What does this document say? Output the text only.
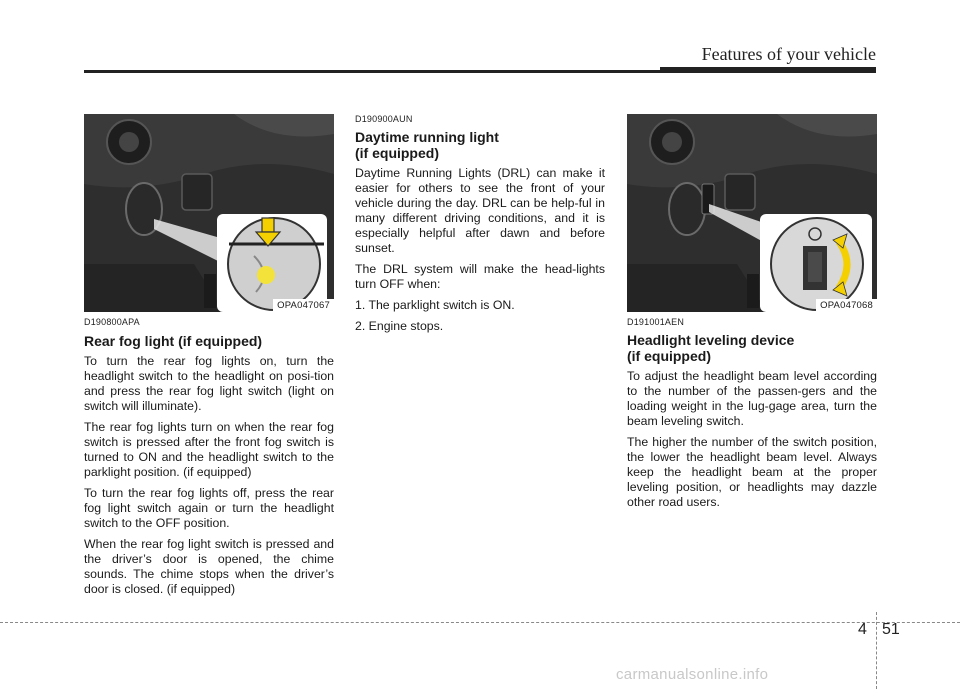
Features of your vehicle
OPA047067	OPA047068
D190800APA
Rear fog light (if equipped)

To turn the rear fog lights on, turn the headlight switch to the headlight on posi-tion and press the rear fog light switch (light on switch will illuminate).

The rear fog lights turn on when the rear fog switch is pressed after the front fog switch is turned to ON and the headlight switch to the parklight position. (if equipped)

To turn the rear fog lights off, press the rear fog light switch again or turn the headlight switch to the OFF position.

When the rear fog light switch is pressed and the driver’s door is opened, the chime sounds. The chime stops when the driver’s door is closed. (if equipped)

D190900AUN
Daytime running light
(if equipped)

Daytime Running Lights (DRL) can make it easier for others to see the front of your vehicle during the day. DRL can be help-ful in many different driving conditions, and it is especially helpful after dawn and before sunset.

The DRL system will make the head-lights turn OFF when:

1. The parklight switch is ON.

2. Engine stops.	D191001AEN
Headlight leveling device
(if equipped)

To adjust the headlight beam level according to the number of the passen-gers and the loading weight in the lug-gage area, turn the beam leveling switch.

The higher the number of the switch position, the lower the headlight beam level. Always keep the headlight beam at the proper leveling position, or headlights may dazzle other road users.

4 51
carmanualsonline.info
